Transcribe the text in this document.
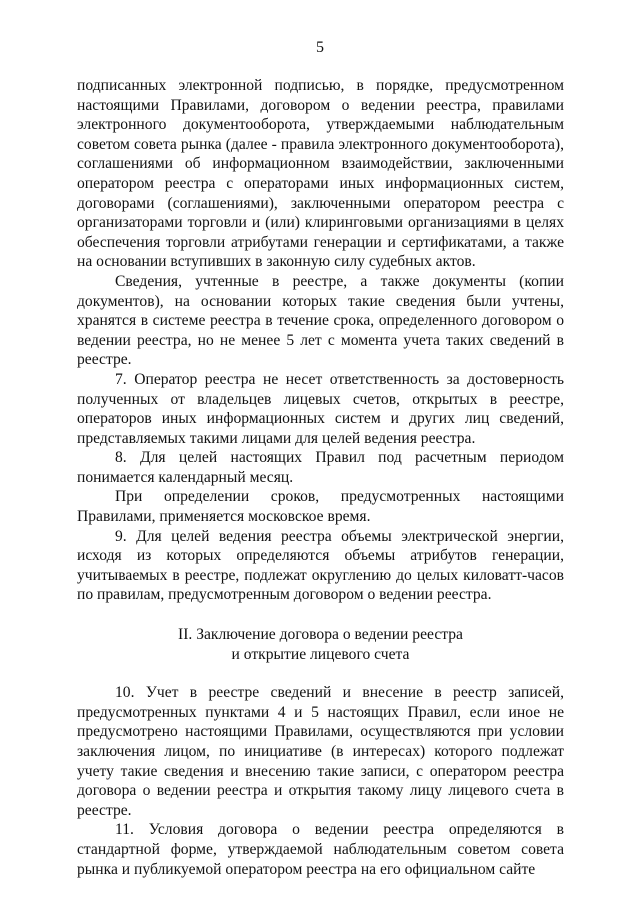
5

подписанных электронной подписью, в порядке, предусмотренном настоящими Правилами, договором о ведении реестра, правилами электронного документооборота, утверждаемыми наблюдательным советом совета рынка (далее - правила электронного документооборота), соглашениями об информационном взаимодействии, заключенными оператором реестра с операторами иных информационных систем, договорами (соглашениями), заключенными оператором реестра с организаторами торговли и (или) клиринговыми организациями в целях обеспечения торговли атрибутами генерации и сертификатами, а также на основании вступивших в законную силу судебных актов.

Сведения, учтенные в реестре, а также документы (копии документов), на основании которых такие сведения были учтены, хранятся в системе реестра в течение срока, определенного договором о ведении реестра, но не менее 5 лет с момента учета таких сведений в реестре.

7. Оператор реестра не несет ответственность за достоверность полученных от владельцев лицевых счетов, открытых в реестре, операторов иных информационных систем и других лиц сведений, представляемых такими лицами для целей ведения реестра.

8. Для целей настоящих Правил под расчетным периодом понимается календарный месяц.

При определении сроков, предусмотренных настоящими Правилами, применяется московское время.

9. Для целей ведения реестра объемы электрической энергии, исходя из которых определяются объемы атрибутов генерации, учитываемых в реестре, подлежат округлению до целых киловатт-часов по правилам, предусмотренным договором о ведении реестра.

II. Заключение договора о ведении реестра
и открытие лицевого счета

10. Учет в реестре сведений и внесение в реестр записей, предусмотренных пунктами 4 и 5 настоящих Правил, если иное не предусмотрено настоящими Правилами, осуществляются при условии заключения лицом, по инициативе (в интересах) которого подлежат учету такие сведения и внесению такие записи, с оператором реестра договора о ведении реестра и открытия такому лицу лицевого счета в реестре.

11. Условия договора о ведении реестра определяются в стандартной форме, утверждаемой наблюдательным советом совета рынка и публикуемой оператором реестра на его официальном сайте
